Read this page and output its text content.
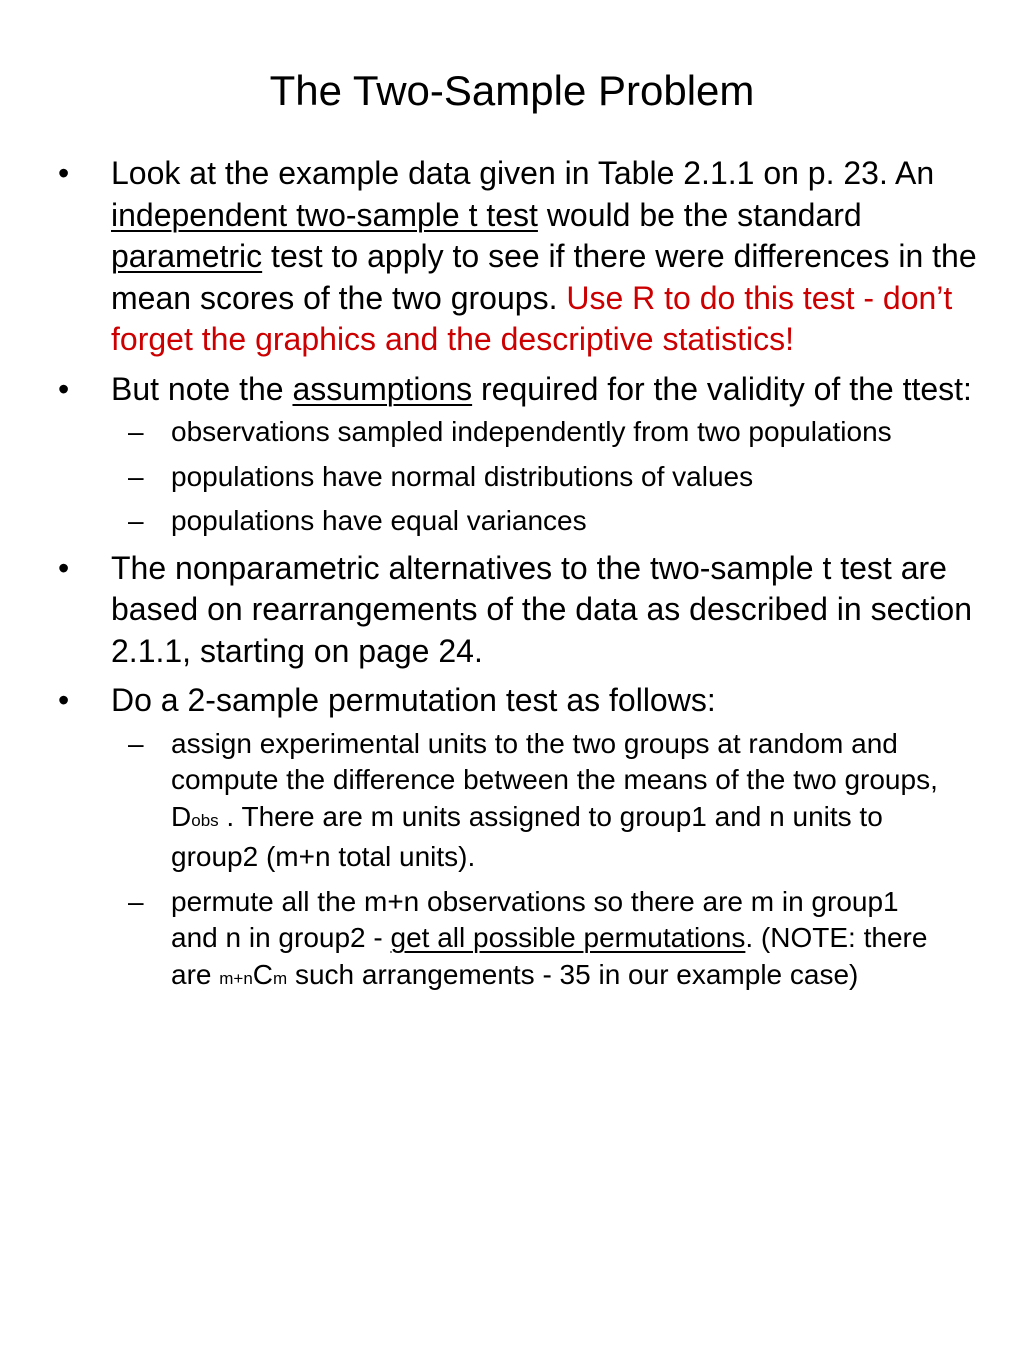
The Two-Sample Problem
• Look at the example data given in Table 2.1.1 on p. 23. An independent two-sample t test would be the standard parametric test to apply to see if there were differences in the mean scores of the two groups. Use R to do this test - don’t forget the graphics and the descriptive statistics!
• But note the assumptions required for the validity of the ttest:
– observations sampled independently from two populations
– populations have normal distributions of values
– populations have equal variances
• The nonparametric alternatives to the two-sample t test are based on rearrangements of the data as described in section 2.1.1, starting on page 24.
• Do a 2-sample permutation test as follows:
– assign experimental units to the two groups at random and compute the difference between the means of the two groups, Dobs . There are m units assigned to group1 and n units to group2 (m+n total units).
– permute all the m+n observations so there are m in group1 and n in group2 - get all possible permutations. (NOTE: there are m+nCm such arrangements - 35 in our example case)
